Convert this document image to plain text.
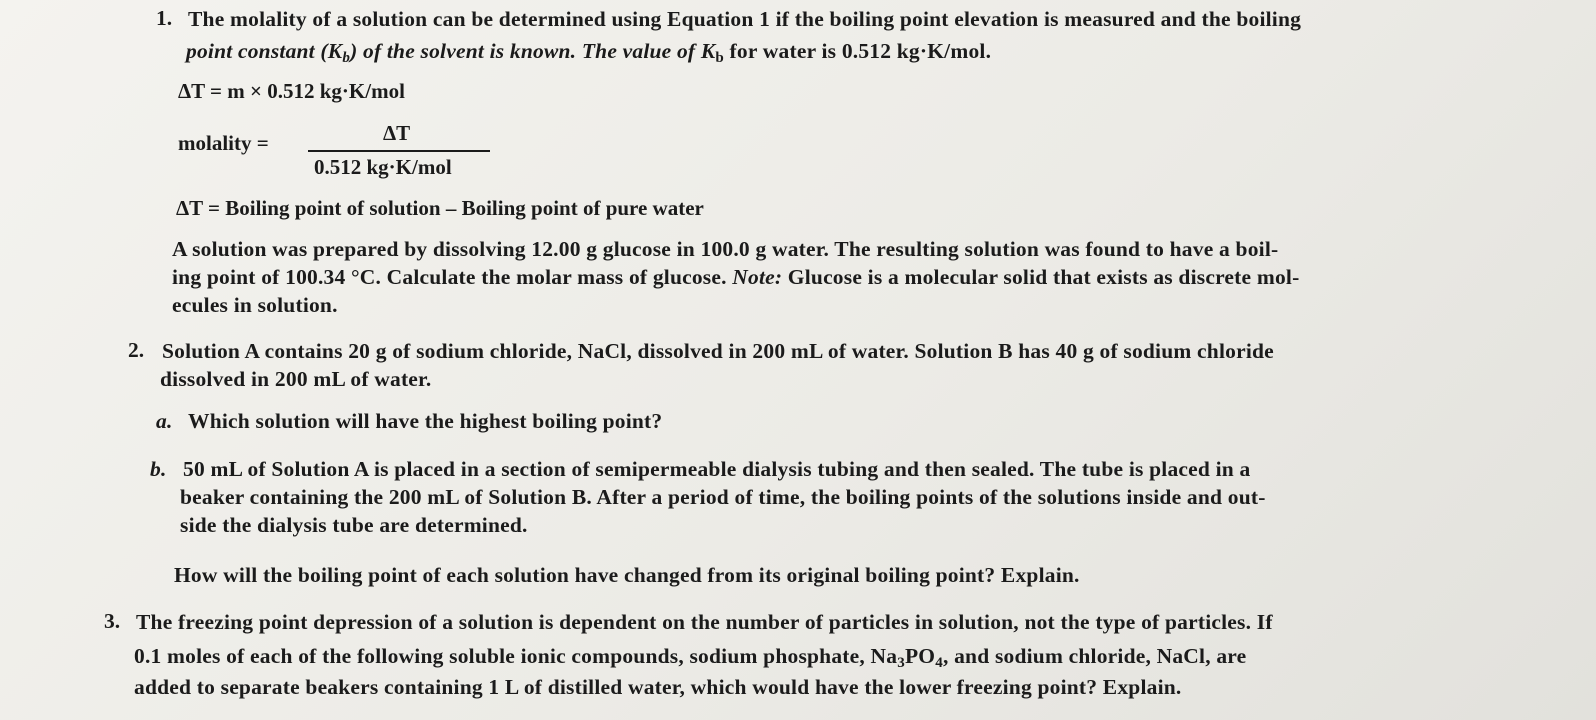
1. The molality of a solution can be determined using Equation 1 if the boiling point elevation is measured and the boiling
point constant $(K_b)$ of the solvent is known. The value of $K_b$ for water is 0.512 kg·K/mol.
ΔT = m × 0.512 kg·K/mol
molality =	ΔT
0.512 kg·K/mol
ΔT = Boiling point of solution – Boiling point of pure water
A solution was prepared by dissolving 12.00 g glucose in 100.0 g water. The resulting solution was found to have a boil-
ing point of 100.34 °C. Calculate the molar mass of glucose. Note: Glucose is a molecular solid that exists as discrete mol-
ecules in solution.
2. Solution A contains 20 g of sodium chloride, NaCl, dissolved in 200 mL of water. Solution B has 40 g of sodium chloride
dissolved in 200 mL of water.
a. Which solution will have the highest boiling point?
b. 50 mL of Solution A is placed in a section of semipermeable dialysis tubing and then sealed. The tube is placed in a
beaker containing the 200 mL of Solution B. After a period of time, the boiling points of the solutions inside and out-
side the dialysis tube are determined.
How will the boiling point of each solution have changed from its original boiling point? Explain.
3. The freezing point depression of a solution is dependent on the number of particles in solution, not the type of particles. If
0.1 moles of each of the following soluble ionic compounds, sodium phosphate, $Na_3PO_4$, and sodium chloride, NaCl, are
added to separate beakers containing 1 L of distilled water, which would have the lower freezing point? Explain.
